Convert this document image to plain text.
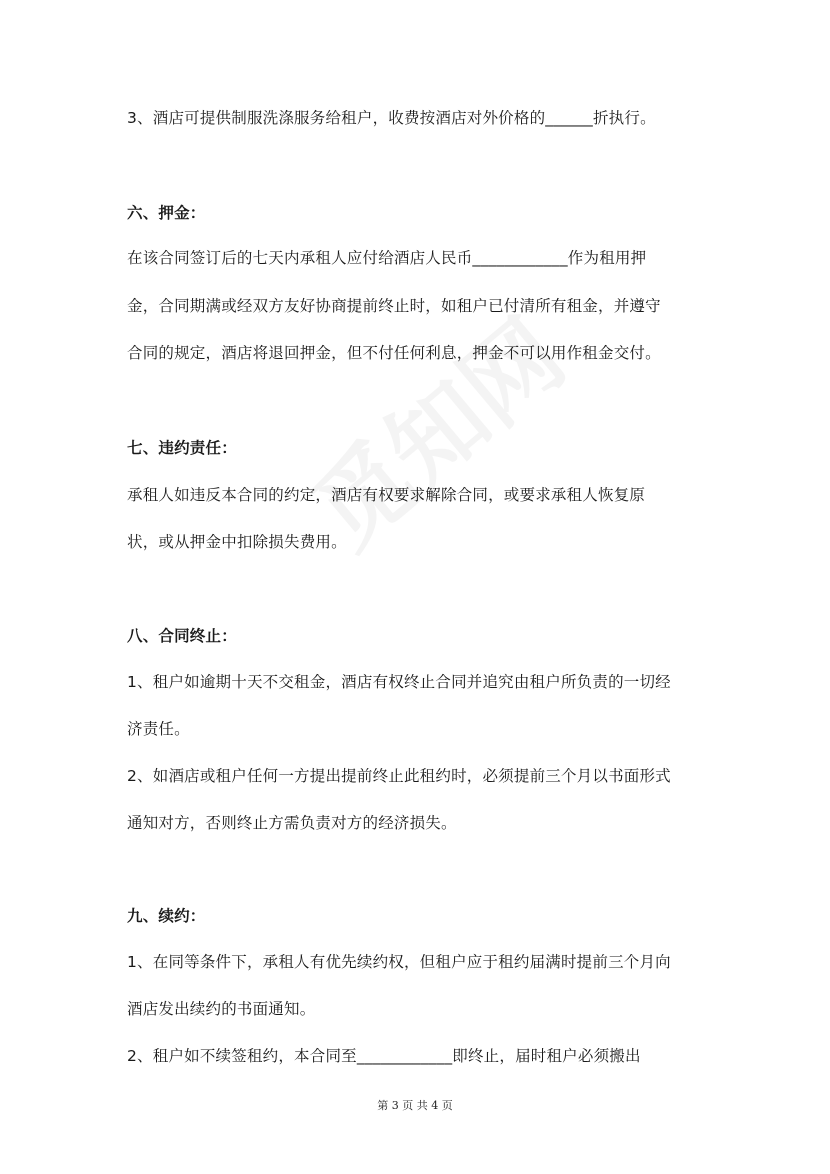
3、酒店可提供制服洗涤服务给租户，收费按酒店对外价格的______折执行。
六、押金：
在该合同签订后的七天内承租人应付给酒店人民币____________作为租用押
金，合同期满或经双方友好协商提前终止时，如租户已付清所有租金，并遵守
合同的规定，酒店将退回押金，但不付任何利息，押金不可以用作租金交付。
七、违约责任：
承租人如违反本合同的约定，酒店有权要求解除合同，或要求承租人恢复原
状，或从押金中扣除损失费用。
八、合同终止：
1、租户如逾期十天不交租金，酒店有权终止合同并追究由租户所负责的一切经
济责任。
2、如酒店或租户任何一方提出提前终止此租约时，必须提前三个月以书面形式
通知对方，否则终止方需负责对方的经济损失。
九、续约：
1、在同等条件下，承租人有优先续约权，但租户应于租约届满时提前三个月向
酒店发出续约的书面通知。
2、租户如不续签租约，本合同至____________即终止，届时租户必须搬出
第 3 页 共 4 页
